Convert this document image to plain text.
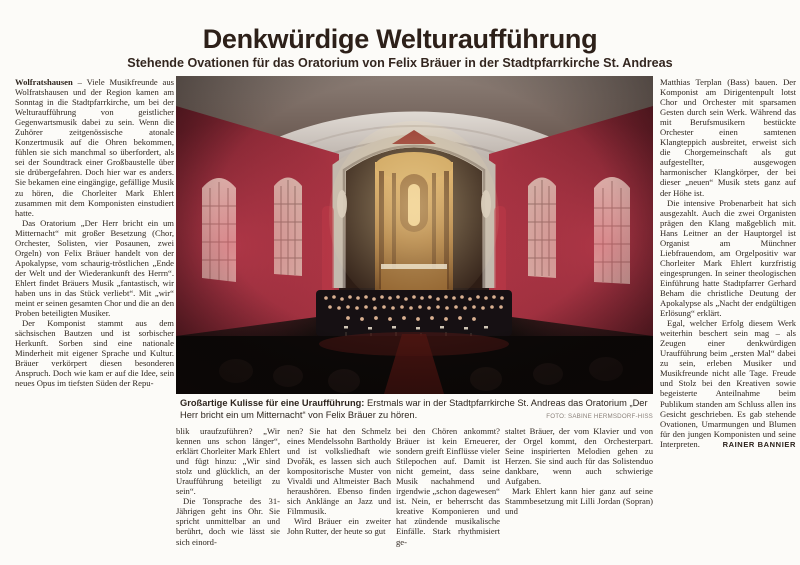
Denkwürdige Welturaufführung
Stehende Ovationen für das Oratorium von Felix Bräuer in der Stadtpfarrkirche St. Andreas
Großartige Kulisse für eine Uraufführung: Erstmals war in der Stadtpfarrkirche St. Andreas das Oratorium „Der Herr bricht ein um Mitternacht“ von Felix Bräuer zu hören.	FOTO: SABINE HERMSDORF-HISS

Wolfratshausen – Viele Musikfreunde aus Wolfratshausen und der Region kamen am Sonntag in die Stadtpfarrkirche, um bei der Welturaufführung von geistlicher Gegenwartsmusik dabei zu sein. Wenn die Zuhörer zeitgenössische atonale Konzertmusik auf die Ohren bekommen, fühlen sie sich manchmal so überfordert, als sei der Soundtrack einer Großbaustelle über sie drübergefahren. Doch hier war es anders. Sie bekamen eine eingängige, gefällige Musik zu hören, die Chorleiter Mark Ehlert zusammen mit dem Komponisten einstudiert hatte.

Das Oratorium „Der Herr bricht ein um Mitternacht“ mit großer Besetzung (Chor, Orchester, Solisten, vier Posaunen, zwei Orgeln) von Felix Bräuer handelt von der Apokalypse, vom schaurig-tröstlichen „Ende der Welt und der Wiederankunft des Herrn“. Ehlert findet Bräuers Musik „fantastisch, wir haben uns in das Stück verliebt“. Mit „wir“ meint er seinen gesamten Chor und die an den Proben beteiligten Musiker.

Der Komponist stammt aus dem sächsischen Bautzen und ist sorbischer Herkunft. Sorben sind eine nationale Minderheit mit eigener Sprache und Kultur. Bräuer verkörpert diesen besonderen Anspruch. Doch wie kam er auf die Idee, sein neues Opus im tiefsten Süden der Repu-

blik uraufzuführen? „Wir kennen uns schon länger“, erklärt Chorleiter Mark Ehlert und fügt hinzu: „Wir sind stolz und glücklich, an der Uraufführung beteiligt zu sein“.

Die Tonsprache des 31-Jährigen geht ins Ohr. Sie spricht unmittelbar an und berührt, doch wie lässt sie sich einord-

nen? Sie hat den Schmelz eines Mendelssohn Bartholdy und ist volksliedhaft wie Dvořák, es lassen sich auch kompositorische Muster von Vivaldi und Altmeister Bach heraushören. Ebenso finden sich Anklänge an Jazz und Filmmusik.

Wird Bräuer ein zweiter John Rutter, der heute so gut

bei den Chören ankommt? Bräuer ist kein Erneuerer, sondern greift Einflüsse vieler Stilepochen auf. Damit ist nicht gemeint, dass seine Musik nachahmend und irgendwie „schon dagewesen“ ist. Nein, er beherrscht das kreative Komponieren und hat zündende musikalische Einfälle. Stark rhythmisiert ge-

staltet Bräuer, der vom Klavier und von der Orgel kommt, den Orchesterpart. Seine inspirierten Melodien gehen zu Herzen. Sie sind auch für das Solistenduo dankbare, wenn auch schwierige Aufgaben.

Mark Ehlert kann hier ganz auf seine Stammbesetzung mit Lilli Jordan (Sopran) und

Matthias Terplan (Bass) bauen. Der Komponist am Dirigentenpult lotst Chor und Orchester mit sparsamen Gesten durch sein Werk. Während das mit Berufsmusikern bestückte Orchester einen samtenen Klangteppich ausbreitet, erweist sich die Chorgemeinschaft als gut aufgestellter, ausgewogen harmonischer Klangkörper, der bei dieser „neuen“ Musik stets ganz auf der Höhe ist.

Die intensive Probenarbeit hat sich ausgezahlt. Auch die zwei Organisten prägen den Klang maßgeblich mit. Hans Leitner an der Hauptorgel ist Organist am Münchner Liebfrauendom, am Orgelpositiv war Chorleiter Mark Ehlert kurzfristig eingesprungen. In seiner theologischen Einführung hatte Stadtpfarrer Gerhard Beham die christliche Deutung der Apokalypse als „Nacht der endgültigen Erlösung“ erklärt.

Egal, welcher Erfolg diesem Werk weiterhin beschert sein mag – als Zeugen einer denkwürdigen Uraufführung beim „ersten Mal“ dabei zu sein, erleben Musiker und Musikfreunde nicht alle Tage. Freude und Stolz bei den Kreativen sowie begeisterte Anteilnahme beim Publikum standen am Schluss allen ins Gesicht geschrieben. Es gab stehende Ovationen, Umarmungen und Blumen für den jungen Komponisten und seine Interpreten.	RAINER BANNIER
